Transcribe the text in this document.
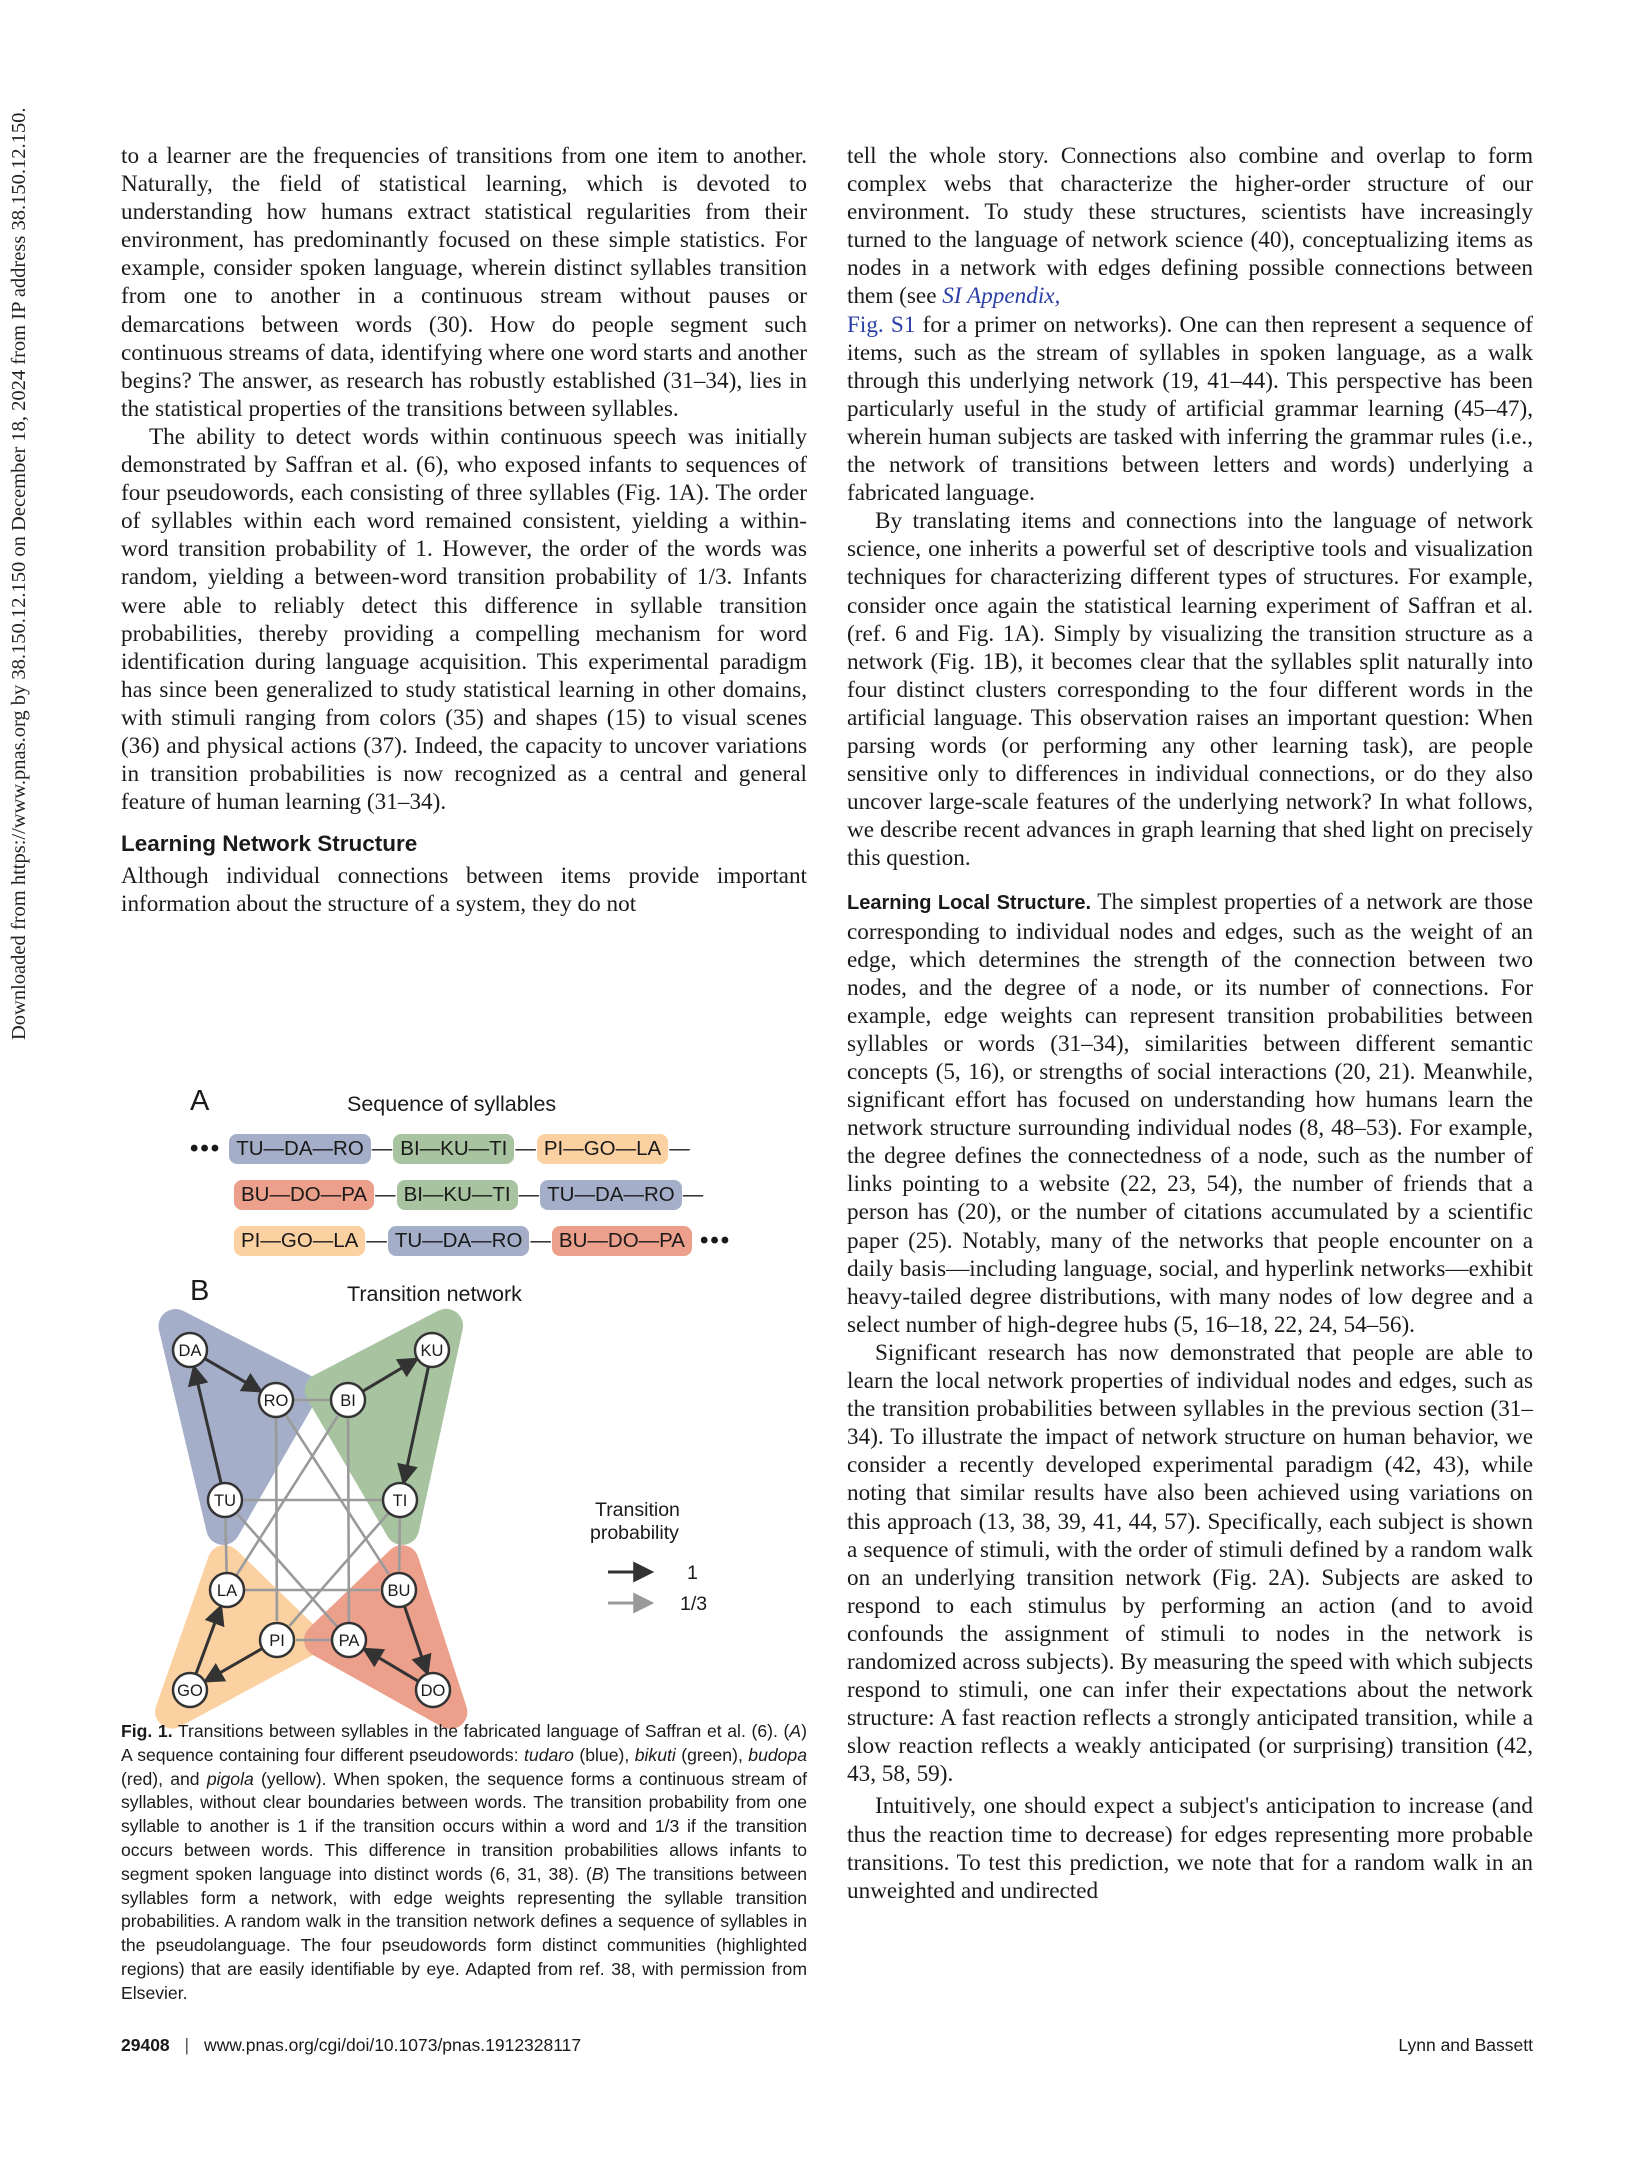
Downloaded from https://www.pnas.org by 38.150.12.150 on December 18, 2024 from IP address 38.150.12.150.	to a learner are the frequencies of transitions from one item to another. Naturally, the field of statistical learning, which is devoted to understanding how humans extract statistical regularities from their environment, has predominantly focused on these simple statistics. For example, consider spoken language, wherein distinct syllables transition from one to another in a continuous stream without pauses or demarcations between words (30). How do people segment such continuous streams of data, identifying where one word starts and another begins? The answer, as research has robustly established (31–34), lies in the statistical properties of the transitions between syllables.

The ability to detect words within continuous speech was initially demonstrated by Saffran et al. (6), who exposed infants to sequences of four pseudowords, each consisting of three syllables (Fig. 1A). The order of syllables within each word remained consistent, yielding a within-word transition probability of 1. However, the order of the words was random, yielding a between-word transition probability of 1/3. Infants were able to reliably detect this difference in syllable transition probabilities, thereby providing a compelling mechanism for word identification during language acquisition. This experimental paradigm has since been generalized to study statistical learning in other domains, with stimuli ranging from colors (35) and shapes (15) to visual scenes (36) and physical actions (37). Indeed, the capacity to uncover variations in transition probabilities is now recognized as a central and general feature of human learning (31–34).

Learning Network Structure

Although individual connections between items provide important information about the structure of a system, they do not

A	Sequence of syllables
••• TU—DA—RO — BI—KU—TI — PI—GO—LA —
BU—DO—PA — BI—KU—TI — TU—DA—RO —
PI—GO—LA — TU—DA—RO — BU—DO—PA •••
B	Transition network
DA
RO
TU
BI
KU
TI
LA
PI
GO
BU
PA
DO
Transition
probability
1
1/3
Fig. 1. Transitions between syllables in the fabricated language of Saffran et al. (6). (A) A sequence containing four different pseudowords: tudaro (blue), bikuti (green), budopa (red), and pigola (yellow). When spoken, the sequence forms a continuous stream of syllables, without clear boundaries between words. The transition probability from one syllable to another is 1 if the transition occurs within a word and 1/3 if the transition occurs between words. This difference in transition probabilities allows infants to segment spoken language into distinct words (6, 31, 38). (B) The transitions between syllables form a network, with edge weights representing the syllable transition probabilities. A random walk in the transition network defines a sequence of syllables in the pseudolanguage. The four pseudowords form distinct communities (highlighted regions) that are easily identifiable by eye. Adapted from ref. 38, with permission from Elsevier.

tell the whole story. Connections also combine and overlap to form complex webs that characterize the higher-order structure of our environment. To study these structures, scientists have increasingly turned to the language of network science (40), conceptualizing items as nodes in a network with edges defining possible connections between them (see SI Appendix,
Fig. S1 for a primer on networks). One can then represent a sequence of items, such as the stream of syllables in spoken language, as a walk through this underlying network (19, 41–44). This perspective has been particularly useful in the study of artificial grammar learning (45–47), wherein human subjects are tasked with inferring the grammar rules (i.e., the network of transitions between letters and words) underlying a fabricated language.

By translating items and connections into the language of network science, one inherits a powerful set of descriptive tools and visualization techniques for characterizing different types of structures. For example, consider once again the statistical learning experiment of Saffran et al. (ref. 6 and Fig. 1A). Simply by visualizing the transition structure as a network (Fig. 1B), it becomes clear that the syllables split naturally into four distinct clusters corresponding to the four different words in the artificial language. This observation raises an important question: When parsing words (or performing any other learning task), are people sensitive only to differences in individual connections, or do they also uncover large-scale features of the underlying network? In what follows, we describe recent advances in graph learning that shed light on precisely this question.

Learning Local Structure. The simplest properties of a network are those corresponding to individual nodes and edges, such as the weight of an edge, which determines the strength of the connection between two nodes, and the degree of a node, or its number of connections. For example, edge weights can represent transition probabilities between syllables or words (31–34), similarities between different semantic concepts (5, 16), or strengths of social interactions (20, 21). Meanwhile, significant effort has focused on understanding how humans learn the network structure surrounding individual nodes (8, 48–53). For example, the degree defines the connectedness of a node, such as the number of links pointing to a website (22, 23, 54), the number of friends that a person has (20), or the number of citations accumulated by a scientific paper (25). Notably, many of the networks that people encounter on a daily basis—including language, social, and hyperlink networks—exhibit heavy-tailed degree distributions, with many nodes of low degree and a select number of high-degree hubs (5, 16–18, 22, 24, 54–56).

Significant research has now demonstrated that people are able to learn the local network properties of individual nodes and edges, such as the transition probabilities between syllables in the previous section (31–34). To illustrate the impact of network structure on human behavior, we consider a recently developed experimental paradigm (42, 43), while noting that similar results have also been achieved using variations on this approach (13, 38, 39, 41, 44, 57). Specifically, each subject is shown a sequence of stimuli, with the order of stimuli defined by a random walk on an underlying transition network (Fig. 2A). Subjects are asked to respond to each stimulus by performing an action (and to avoid confounds the assignment of stimuli to nodes in the network is randomized across subjects). By measuring the speed with which subjects respond to stimuli, one can infer their expectations about the network structure: A fast reaction reflects a strongly anticipated transition, while a slow reaction reflects a weakly anticipated (or surprising) transition (42, 43, 58, 59).

Intuitively, one should expect a subject's anticipation to increase (and thus the reaction time to decrease) for edges representing more probable transitions. To test this prediction, we note that for a random walk in an unweighted and undirected

29408 | www.pnas.org/cgi/doi/10.1073/pnas.1912328117	Lynn and Bassett
